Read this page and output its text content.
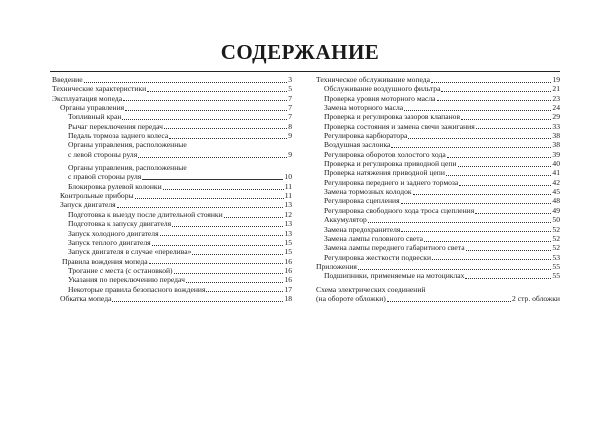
СОДЕРЖАНИЕ
Введение	3
Технические характеристики	5
Эксплуатация мопеда	7
Органы управления	7
Топливный кран	7
Рычаг переключения передач	8
Педаль тормоза заднего колеса	9
Органы управления, расположенные
с левой стороны руля	9
Органы управления, расположенные
с правой стороны руля	10
Блокировка рулевой колонки	11
Контрольные приборы	11
Запуск двигателя	13
Подготовка к выезду после длительной стоянки	12
Подготовка к запуску двигателя	13
Запуск холодного двигателя	13
Запуск теплого двигателя	15
Запуск двигателя в случае «перелива»	15
Правила вождения мопеда	16
Трогание с места (с остановкой)	16
Указания по переключению передач	16
Некоторые правила безопасного вождения	17
Обкатка мопеда	18
Техническое обслуживание мопеда	19
Обслуживание воздушного фильтра	21
Проверка уровня моторного масла	23
Замена моторного масла	24
Проверка и регулировка зазоров клапанов	29
Проверка состояния и замена свечи зажигания	33
Регулировка карбюратора	38
Воздушная заслонка	38
Регулировка оборотов холостого хода	39
Проверка и регулировка приводной цепи	40
Проверка натяжения приводной цепи	41
Регулировка переднего и заднего тормоза	42
Замена тормозных колодок	45
Регулировка сцепления	48
Регулировка свободного хода троса сцепления	49
Аккумулятор	50
Замена предохранителя	52
Замена лампы головного света	52
Замена лампы переднего габаритного света	52
Регулировка жесткости подвески	53
Приложения	55
Подшипники, применяемые на мотоциклах	55
Схема электрических соединений
(на обороте обложки)	2 стр. обложки
